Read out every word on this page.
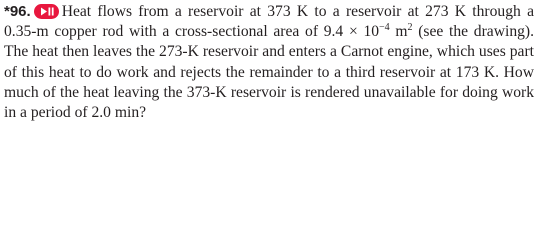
*96. Heat flows from a reservoir at 373 K to a reservoir at 273 K through a 0.35-m copper rod with a cross-sectional area of $9.4 \times 10^{-4}$ $m^2$ (see the drawing). The heat then leaves the 273-K reservoir and enters a Carnot engine, which uses part of this heat to do work and rejects the remainder to a third reservoir at 173 K. How much of the heat leaving the 373-K reservoir is rendered unavailable for doing work in a period of 2.0 min?
